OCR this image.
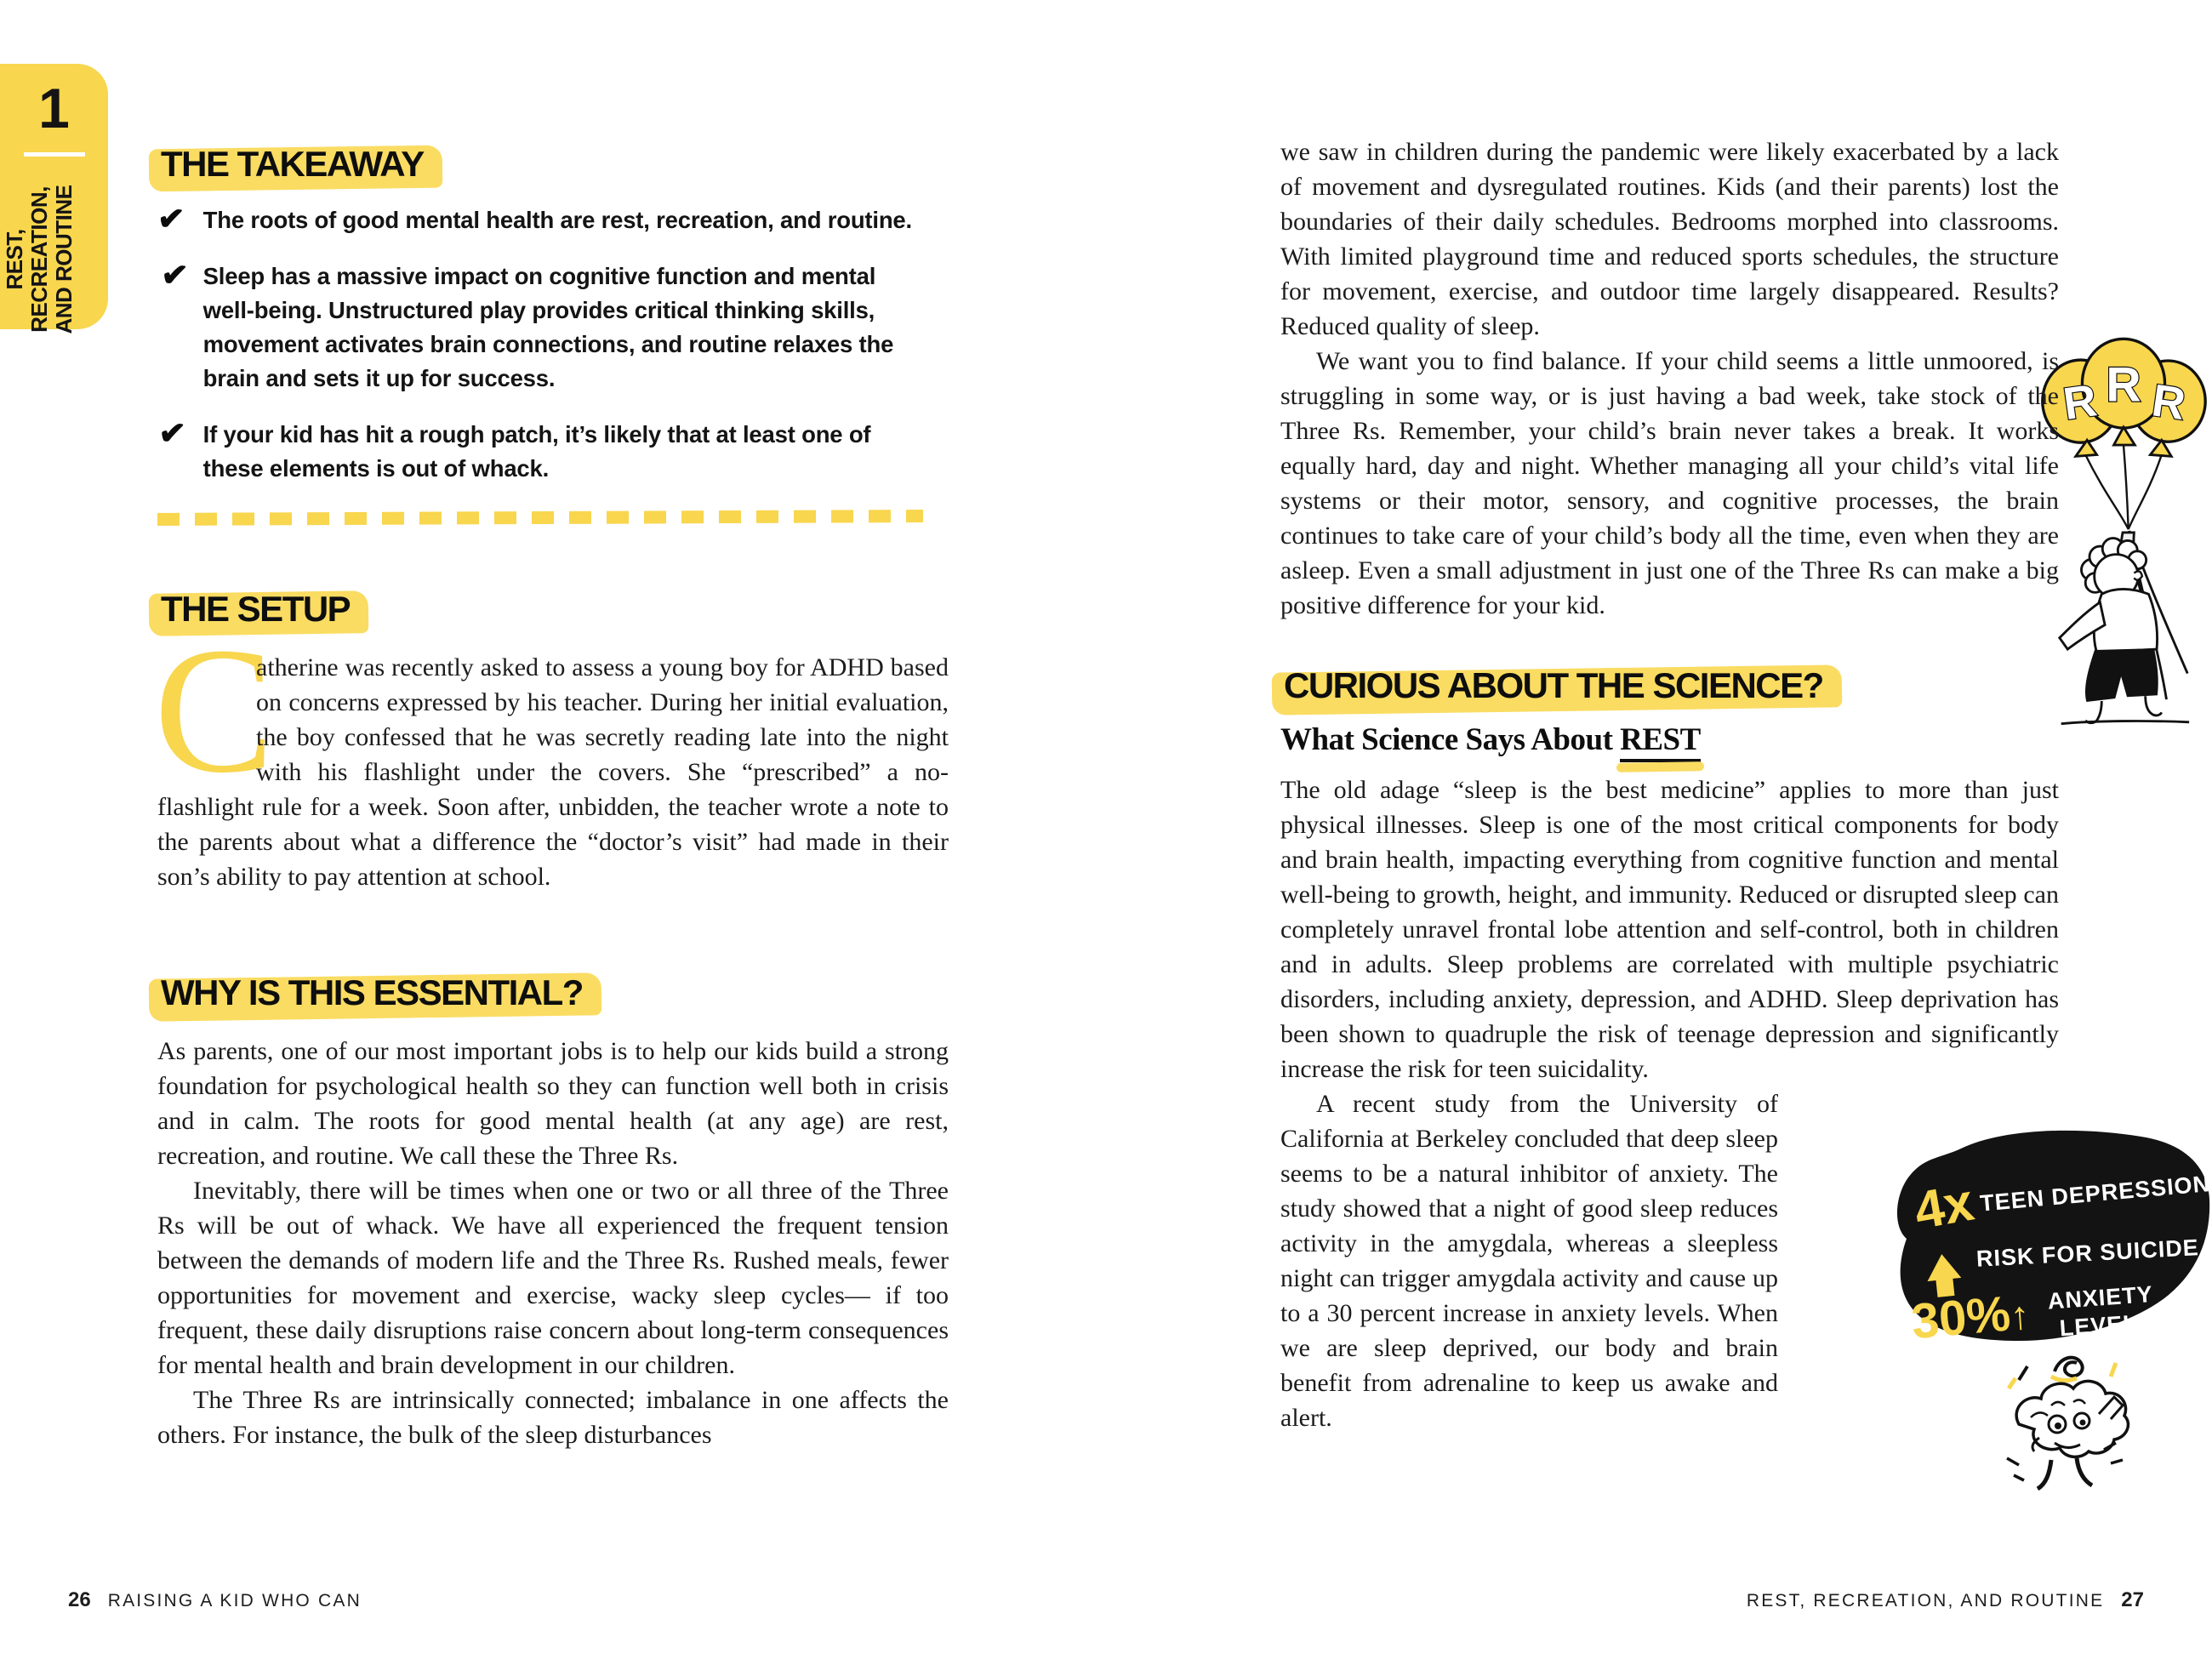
1
REST, RECREATION,
AND ROUTINE
THE TAKEAWAY
✔ The roots of good mental health are rest, recreation, and routine.
✔ Sleep has a massive impact on cognitive function and mental well-being. Unstructured play provides critical thinking skills, movement activates brain connections, and routine relaxes the brain and sets it up for success.
✔ If your kid has hit a rough patch, it’s likely that at least one of these elements is out of whack.
THE SETUP
C
atherine was recently asked to assess a young boy for ADHD based on concerns expressed by his teacher. During her initial evaluation, the boy confessed that he was secretly reading late into the night with his flashlight under the covers. She “prescribed” a no-flashlight rule for a week. Soon after, unbidden, the teacher wrote a note to the parents about what a difference the “doctor’s visit” had made in their son’s ability to pay attention at school.
WHY IS THIS ESSENTIAL?
As parents, one of our most important jobs is to help our kids build a strong foundation for psychological health so they can function well both in crisis and in calm. The roots for good mental health (at any age) are rest, recreation, and routine. We call these the Three Rs.
Inevitably, there will be times when one or two or all three of the Three Rs will be out of whack. We have all experienced the frequent tension between the demands of modern life and the Three Rs. Rushed meals, fewer opportunities for movement and exercise, wacky sleep cycles— if too frequent, these daily disruptions raise concern about long-term consequences for mental health and brain development in our children.
The Three Rs are intrinsically connected; imbalance in one affects the others. For instance, the bulk of the sleep disturbances
26 RAISING A KID WHO CAN
R R R
we saw in children during the pandemic were likely exacerbated by a lack of movement and dysregulated routines. Kids (and their parents) lost the boundaries of their daily schedules. Bedrooms morphed into classrooms. With limited playground time and reduced sports schedules, the structure for movement, exercise, and outdoor time largely disappeared. Results? Reduced quality of sleep.
We want you to find balance. If your child seems a little unmoored, is struggling in some way, or is just having a bad week, take stock of the Three Rs. Remember, your child’s brain never takes a break. It works equally hard, day and night. Whether managing all your child’s vital life systems or their motor, sensory, and cognitive processes, the brain continues to take care of your child’s body all the time, even when they are asleep. Even a small adjustment in just one of the Three Rs can make a big positive difference for your kid.
CURIOUS ABOUT THE SCIENCE?
What Science Says About REST
The old adage “sleep is the best medicine” applies to more than just physical illnesses. Sleep is one of the most critical components for body and brain health, impacting everything from cognitive function and mental well-being to growth, height, and immunity. Reduced or disrupted sleep can completely unravel frontal lobe attention and self-control, both in children and in adults. Sleep problems are correlated with multiple psychiatric disorders, including anxiety, depression, and ADHD. Sleep deprivation has been shown to quadruple the risk of teenage depression and significantly increase the risk for teen suicidality.
4x TEEN DEPRESSION
RISK FOR SUICIDE
30%
↑ ANXIETY
LEVELS
A recent study from the University of California at Berkeley concluded that deep sleep seems to be a natural inhibitor of anxiety. The study showed that a night of good sleep reduces activity in the amygdala, whereas a sleepless night can trigger amygdala activity and cause up to a 30 percent increase in anxiety levels. When we are sleep deprived, our body and brain benefit from adrenaline to keep us awake and alert.
REST, RECREATION, AND ROUTINE 27
